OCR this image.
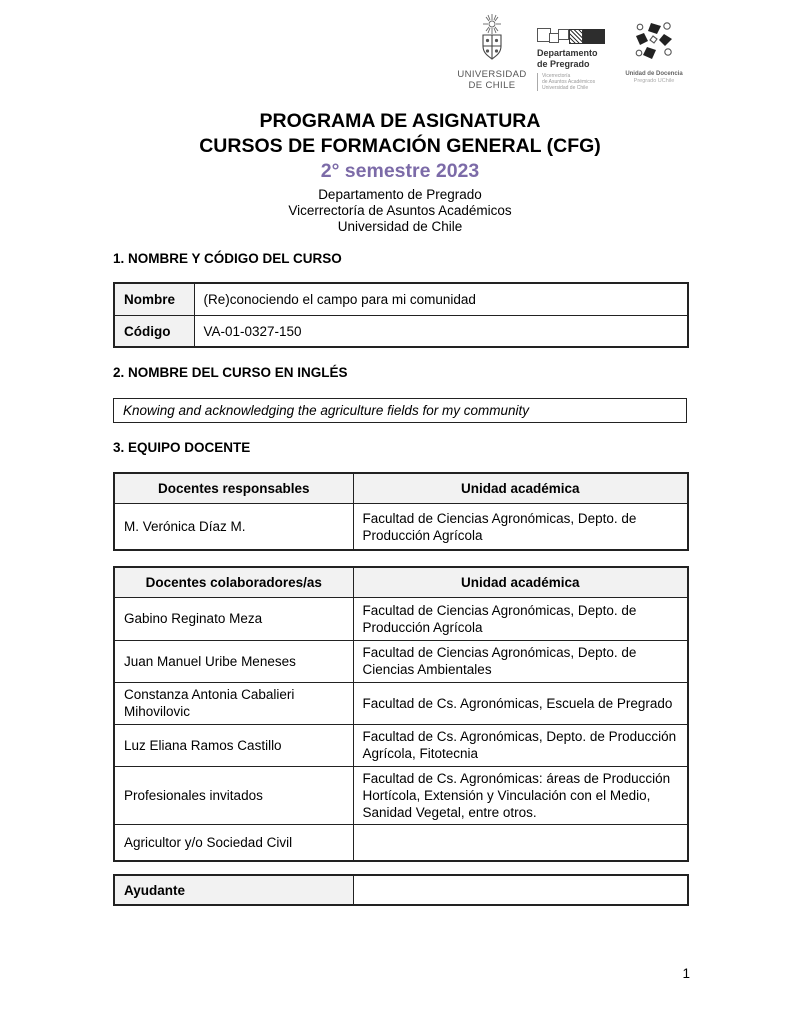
UNIVERSIDAD
DE CHILE
Departamento
de Pregrado
Vicerrectoría
de Asuntos Académicos
Universidad de Chile
Unidad de Docencia
Pregrado UChile
PROGRAMA DE ASIGNATURA
CURSOS DE FORMACIÓN GENERAL (CFG)
2° semestre 2023
Departamento de Pregrado
Vicerrectoría de Asuntos Académicos
Universidad de Chile
1. NOMBRE Y CÓDIGO DEL CURSO
Nombre	(Re)conociendo el campo para mi comunidad
Código	VA-01-0327-150
2. NOMBRE DEL CURSO EN INGLÉS
Knowing and acknowledging the agriculture fields for my community
3. EQUIPO DOCENTE
Docentes responsables	Unidad académica
M. Verónica Díaz M.	Facultad de Ciencias Agronómicas, Depto. de Producción Agrícola
Docentes colaboradores/as	Unidad académica
Gabino Reginato Meza	Facultad de Ciencias Agronómicas, Depto. de Producción Agrícola
Juan Manuel Uribe Meneses	Facultad de Ciencias Agronómicas, Depto. de Ciencias Ambientales
Constanza Antonia Cabalieri Mihovilovic	Facultad de Cs. Agronómicas, Escuela de Pregrado
Luz Eliana Ramos Castillo	Facultad de Cs. Agronómicas, Depto. de Producción Agrícola, Fitotecnia
Profesionales invitados	Facultad de Cs. Agronómicas: áreas de Producción Hortícola, Extensión y Vinculación con el Medio, Sanidad Vegetal, entre otros.
Agricultor y/o Sociedad Civil	
Ayudante	
1
